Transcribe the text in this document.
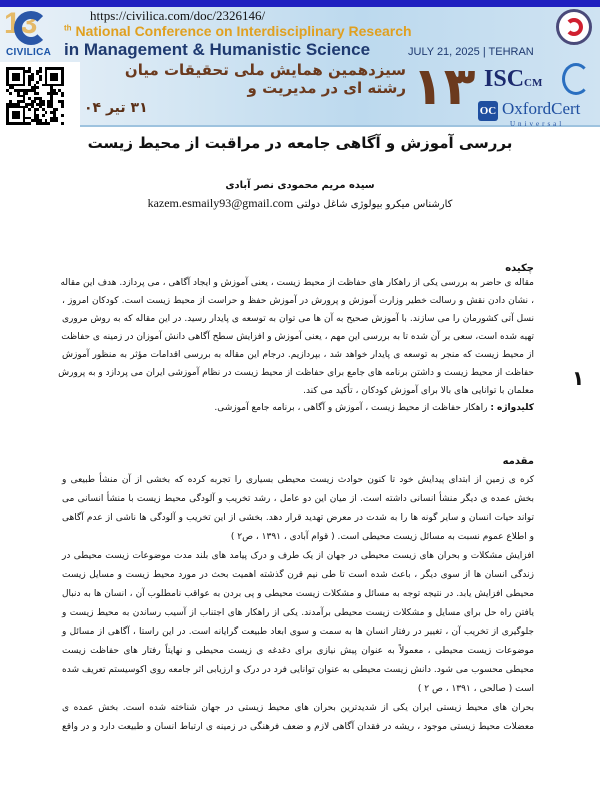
13
CIVILICA
https://civilica.com/doc/2326146/
$^{th}$ National Conference on Interdisciplinary Research
in Management & Humanistic Science	JULY 21, 2025 | TEHRAN
۱۳
سیزدهمین همایش ملی تحقیقات میان رشته ای در مدیریت و	ISCCM
OC OxfordCert
Universal
۳۱ تیر ۰۴
بررسی آموزش و آگاهی جامعه در مراقبت از محیط زیست
سیده مریم محمودی نصر آبادی
کارشناس میکرو بیولوژی شاغل دولتی kazem.esmaily93@gmail.com
چکیده
مقاله ی حاضر به بررسی یکی از راهکار های حفاظت از محیط زیست ، یعنی آموزش و ایجاد آگاهی ، می پردازد. هدف این مقاله
، نشان دادن نقش و رسالت خطیر وزارت آموزش و پرورش در آموزش حفظ و حراست از محیط زیست است. کودکان امروز ،
نسل آتی کشورمان را می سازند. با آموزش صحیح به آن ها می توان به توسعه ی پایدار رسید. در این مقاله که به روش مروری
تهیه شده است، سعی بر آن شده تا به بررسی این مهم ، یعنی آموزش و افزایش سطح آگاهی دانش آموزان در زمینه ی حفاظت
از محیط زیست که منجر به توسعه ی پایدار خواهد شد ، بپردازیم. درجام این مقاله به بررسی اقدامات مؤثر به منظور آموزش
حفاظت از محیط زیست و داشتن برنامه های جامع برای حفاظت از محیط زیست در نظام آموزشی ایران می پردازد و به پرورش
معلمان با توانایی های بالا برای آموزش کودکان ، تأکید می کند.
کلیدواژه : راهکار حفاظت از محیط زیست ، آموزش و آگاهی ، برنامه جامع آموزشی.
۱
مقدمه
کره ی زمین از ابتدای پیدایش خود تا کنون حوادث زیست محیطی بسیاری را تجربه کرده که بخشی از آن منشأ طبیعی و
بخش عمده ی دیگر منشأ انسانی داشته است. از میان این دو عامل ، رشد تخریب و آلودگی محیط زیست با منشأ انسانی می
تواند حیات انسان و سایر گونه ها را به شدت در معرض تهدید قرار دهد. بخشی از این تخریب و آلودگی ها ناشی از عدم آگاهی
و اطلاع عموم نسبت به مسائل زیست محیطی است. ( قوام آبادی ، ۱۳۹۱ ، ص۲ )
افزایش مشکلات و بحران های زیست محیطی در جهان از یک طرف و درک پیامد های بلند مدت موضوعات زیست محیطی در
زندگی انسان ها از سوی دیگر ، باعث شده است تا طی نیم قرن گذشته اهمیت بحث در مورد محیط زیست و مسایل زیست
محیطی افزایش یابد. در نتیجه توجه به مسائل و مشکلات زیست محیطی و پی بردن به عواقب نامطلوب آن ، انسان ها به دنبال
یافتن راه حل برای مسایل و مشکلات زیست محیطی برآمدند. یکی از راهکار های اجتناب از آسیب رساندن به محیط زیست و
جلوگیری از تخریب آن ، تغییر در رفتار انسان ها به سمت و سوی ابعاد طبیعت گرایانه است. در این راستا ، آگاهی از مسائل و
موضوعات زیست محیطی ، معمولاً به عنوان پیش نیازی برای دغدغه ی زیست محیطی و نهایتاً رفتار های حفاظت زیست
محیطی محسوب می شود. دانش زیست محیطی به عنوان توانایی فرد در درک و ارزیابی اثر جامعه روی اکوسیستم تعریف شده
است ( صالحی ، ۱۳۹۱ ، ص ۲ )
بحران های محیط زیستی ایران یکی از شدیدترین بحران های محیط زیستی در جهان شناخته شده است. بخش عمده ی
معضلات محیط زیستی موجود ، ریشه در فقدان آگاهی لازم و ضعف فرهنگی در زمینه ی ارتباط انسان و طبیعت دارد و در واقع
